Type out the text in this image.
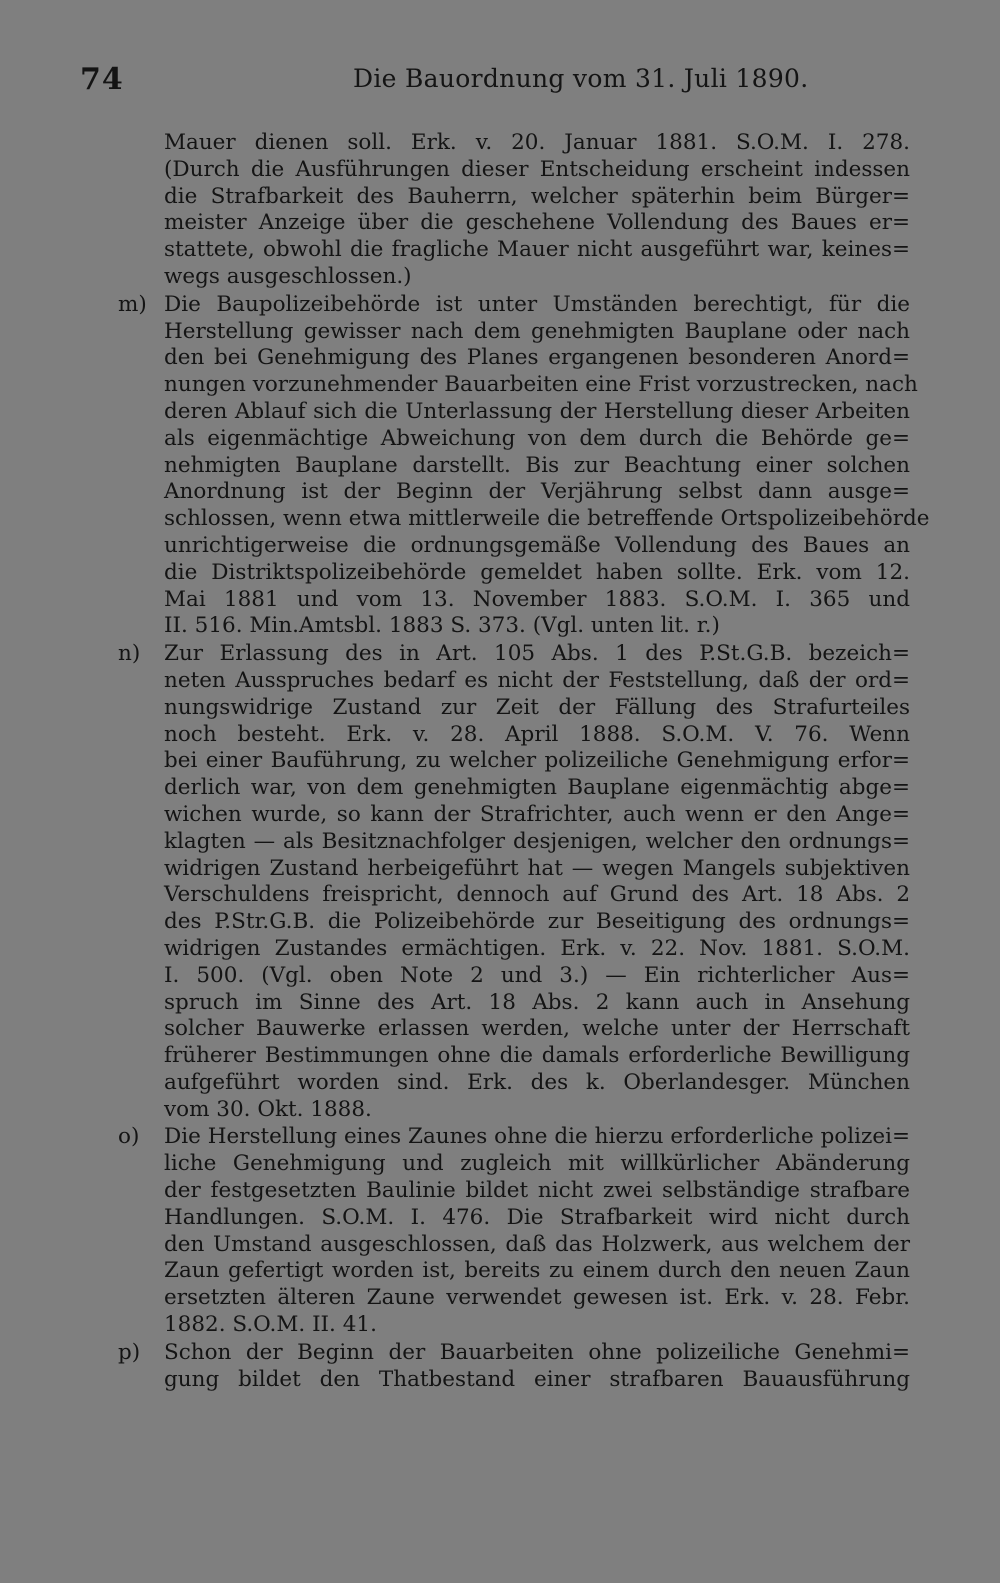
74	Die Bauordnung vom 31. Juli 1890.
Mauer dienen soll. Erk. v. 20. Januar 1881. S.O.M. I. 278.
(Durch die Ausführungen dieser Entscheidung erscheint indessen
die Strafbarkeit des Bauherrn, welcher späterhin beim Bürger=
meister Anzeige über die geschehene Vollendung des Baues er=
stattete, obwohl die fragliche Mauer nicht ausgeführt war, keines=
wegs ausgeschlossen.)
m) Die Baupolizeibehörde ist unter Umständen berechtigt, für die
Herstellung gewisser nach dem genehmigten Bauplane oder nach
den bei Genehmigung des Planes ergangenen besonderen Anord=
nungen vorzunehmender Bauarbeiten eine Frist vorzustrecken, nach
deren Ablauf sich die Unterlassung der Herstellung dieser Arbeiten
als eigenmächtige Abweichung von dem durch die Behörde ge=
nehmigten Bauplane darstellt. Bis zur Beachtung einer solchen
Anordnung ist der Beginn der Verjährung selbst dann ausge=
schlossen, wenn etwa mittlerweile die betreffende Ortspolizeibehörde
unrichtigerweise die ordnungsgemäße Vollendung des Baues an
die Distriktspolizeibehörde gemeldet haben sollte. Erk. vom 12.
Mai 1881 und vom 13. November 1883. S.O.M. I. 365 und
II. 516. Min.Amtsbl. 1883 S. 373. (Vgl. unten lit. r.)
n) Zur Erlassung des in Art. 105 Abs. 1 des P.St.G.B. bezeich=
neten Ausspruches bedarf es nicht der Feststellung, daß der ord=
nungswidrige Zustand zur Zeit der Fällung des Strafurteiles
noch besteht. Erk. v. 28. April 1888. S.O.M. V. 76. Wenn
bei einer Bauführung, zu welcher polizeiliche Genehmigung erfor=
derlich war, von dem genehmigten Bauplane eigenmächtig abge=
wichen wurde, so kann der Strafrichter, auch wenn er den Ange=
klagten — als Besitznachfolger desjenigen, welcher den ordnungs=
widrigen Zustand herbeigeführt hat — wegen Mangels subjektiven
Verschuldens freispricht, dennoch auf Grund des Art. 18 Abs. 2
des P.Str.G.B. die Polizeibehörde zur Beseitigung des ordnungs=
widrigen Zustandes ermächtigen. Erk. v. 22. Nov. 1881. S.O.M.
I. 500. (Vgl. oben Note 2 und 3.) — Ein richterlicher Aus=
spruch im Sinne des Art. 18 Abs. 2 kann auch in Ansehung
solcher Bauwerke erlassen werden, welche unter der Herrschaft
früherer Bestimmungen ohne die damals erforderliche Bewilligung
aufgeführt worden sind. Erk. des k. Oberlandesger. München
vom 30. Okt. 1888.
o) Die Herstellung eines Zaunes ohne die hierzu erforderliche polizei=
liche Genehmigung und zugleich mit willkürlicher Abänderung
der festgesetzten Baulinie bildet nicht zwei selbständige strafbare
Handlungen. S.O.M. I. 476. Die Strafbarkeit wird nicht durch
den Umstand ausgeschlossen, daß das Holzwerk, aus welchem der
Zaun gefertigt worden ist, bereits zu einem durch den neuen Zaun
ersetzten älteren Zaune verwendet gewesen ist. Erk. v. 28. Febr.
1882. S.O.M. II. 41.
p) Schon der Beginn der Bauarbeiten ohne polizeiliche Genehmi=
gung bildet den Thatbestand einer strafbaren Bauausführung
